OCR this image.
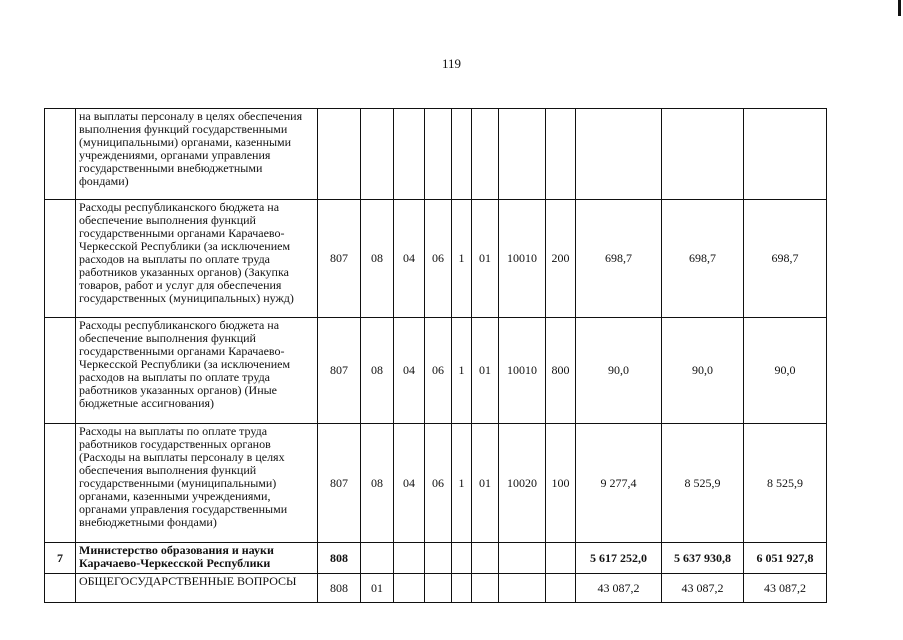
119
	на выплаты персоналу в целях обеспечения выполнения функций государственными (муниципальными) органами, казенными учреждениями, органами управления государственными внебюджетными фондами)											
	Расходы республиканского бюджета на обеспечение выполнения функций государственными органами Карачаево-Черкесской Республики (за исключением расходов на выплаты по оплате труда работников указанных органов) (Закупка товаров, работ и услуг для обеспечения государственных (муниципальных) нужд)	807	08	04	06	1	01	10010	200	698,7	698,7	698,7
	Расходы республиканского бюджета на обеспечение выполнения функций государственными органами Карачаево-Черкесской Республики (за исключением расходов на выплаты по оплате труда работников указанных органов) (Иные бюджетные ассигнования)	807	08	04	06	1	01	10010	800	90,0	90,0	90,0
	Расходы на выплаты по оплате труда работников государственных органов (Расходы на выплаты персоналу в целях обеспечения выполнения функций государственными (муниципальными) органами, казенными учреждениями, органами управления государственными внебюджетными фондами)	807	08	04	06	1	01	10020	100	9 277,4	8 525,9	8 525,9
7	Министерство образования и науки Карачаево-Черкесской Республики	808								5 617 252,0	5 637 930,8	6 051 927,8
	ОБЩЕГОСУДАРСТВЕННЫЕ ВОПРОСЫ	808	01							43 087,2	43 087,2	43 087,2
